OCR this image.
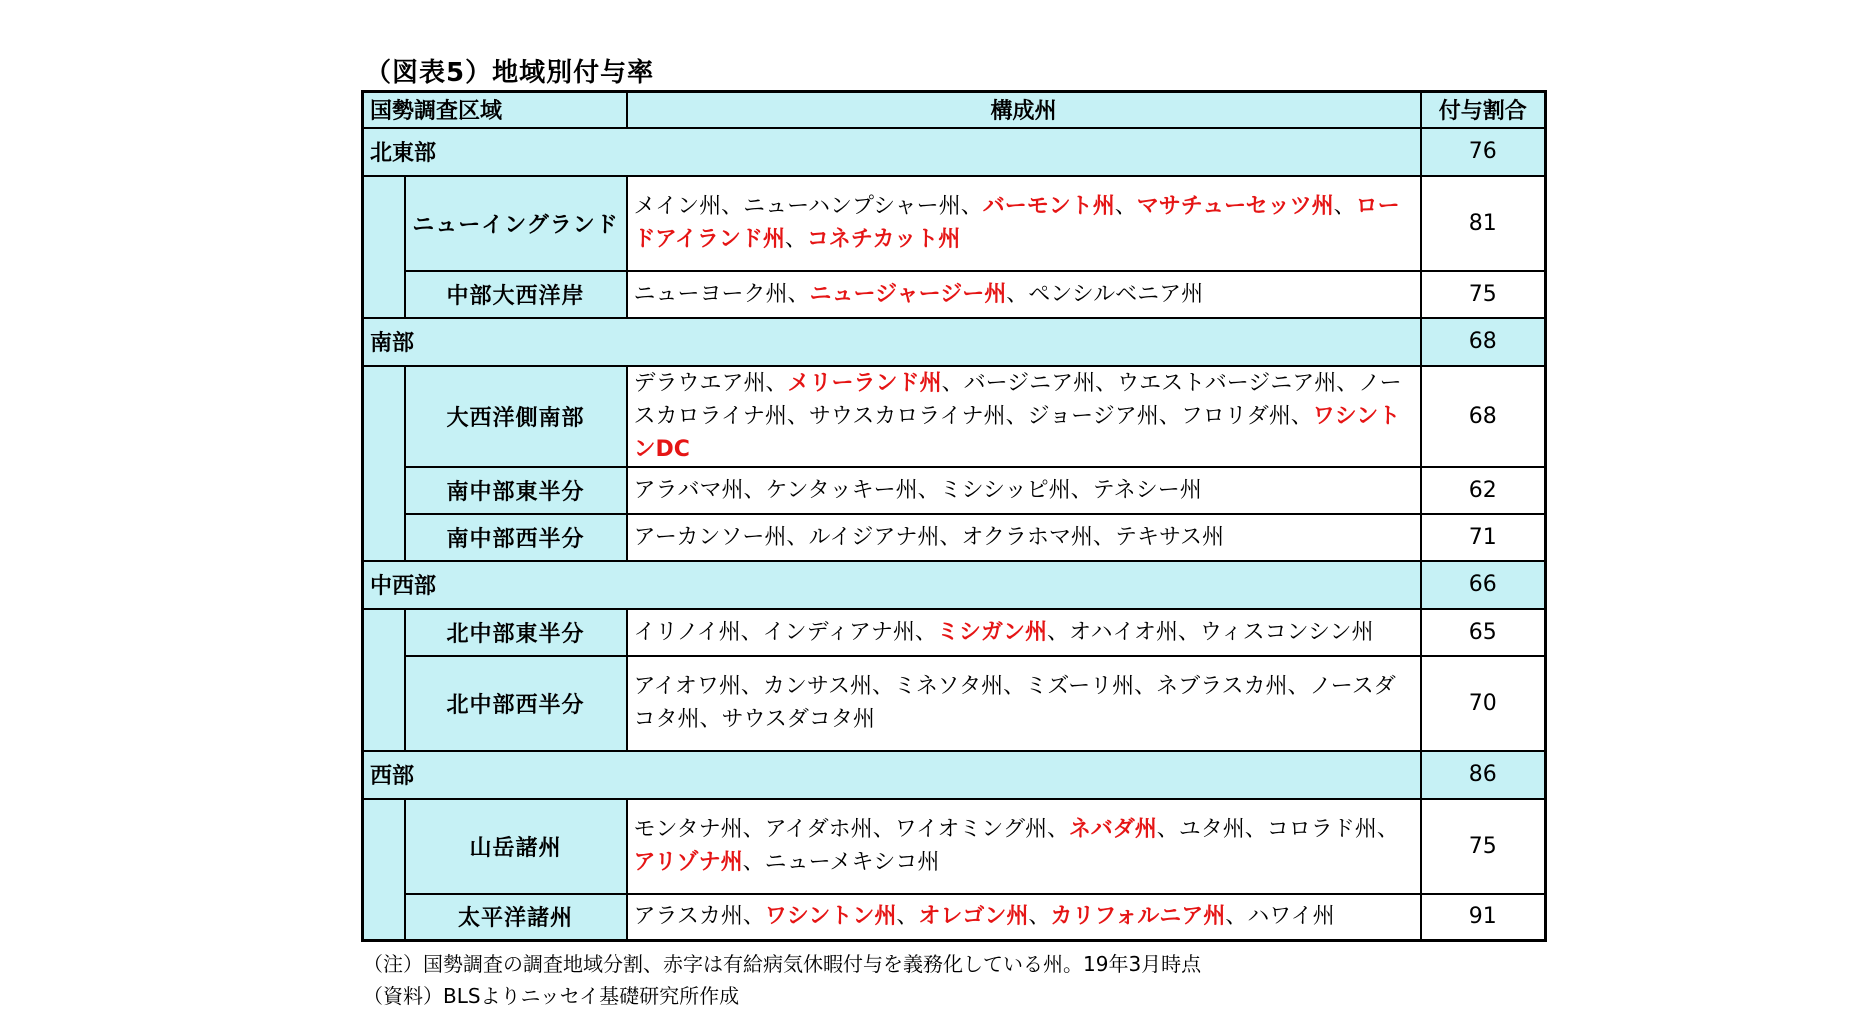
（図表5）地域別付与率
国勢調査区域		構成州	付与割合
北東部			76
	ニューイングランド	メイン州、ニューハンプシャー州、バーモント州、マサチューセッツ州、ロードアイランド州、コネチカット州	81
	中部大西洋岸	ニューヨーク州、ニュージャージー州、ペンシルベニア州	75
南部			68
	大西洋側南部	デラウエア州、メリーランド州、バージニア州、ウエストバージニア州、ノースカロライナ州、サウスカロライナ州、ジョージア州、フロリダ州、ワシントンDC	68
	南中部東半分	アラバマ州、ケンタッキー州、ミシシッピ州、テネシー州	62
	南中部西半分	アーカンソー州、ルイジアナ州、オクラホマ州、テキサス州	71
中西部			66
	北中部東半分	イリノイ州、インディアナ州、ミシガン州、オハイオ州、ウィスコンシン州	65
	北中部西半分	アイオワ州、カンサス州、ミネソタ州、ミズーリ州、ネブラスカ州、ノースダコタ州、サウスダコタ州	70
西部			86
	山岳諸州	モンタナ州、アイダホ州、ワイオミング州、ネバダ州、ユタ州、コロラド州、アリゾナ州、ニューメキシコ州	75
	太平洋諸州	アラスカ州、ワシントン州、オレゴン州、カリフォルニア州、ハワイ州	91
（注）国勢調査の調査地域分割、赤字は有給病気休暇付与を義務化している州。19年3月時点
（資料）BLSよりニッセイ基礎研究所作成
